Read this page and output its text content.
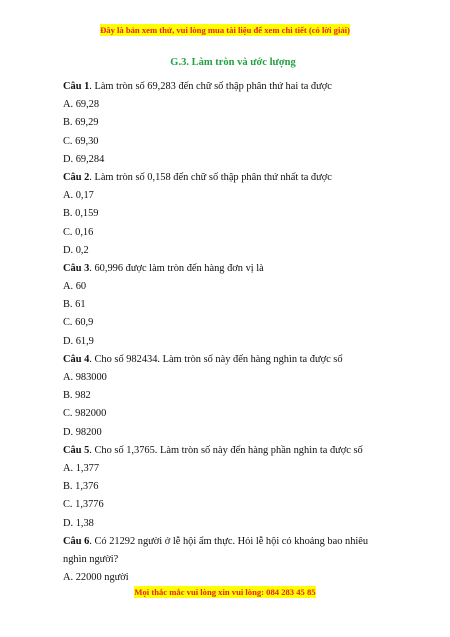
Đây là bản xem thử, vui lòng mua tài liệu để xem chi tiết (có lời giải)
G.3. Làm tròn và ước lượng
Câu 1. Làm tròn số 69,283 đến chữ số thập phân thứ hai ta được
A. 69,28
B. 69,29
C. 69,30
D. 69,284
Câu 2. Làm tròn số 0,158 đến chữ số thập phân thứ nhất ta được
A. 0,17
B. 0,159
C. 0,16
D. 0,2
Câu 3. 60,996 được làm tròn đến hàng đơn vị là
A. 60
B. 61
C. 60,9
D. 61,9
Câu 4. Cho số 982434. Làm tròn số này đến hàng nghìn ta được số
A. 983000
B. 982
C. 982000
D. 98200
Câu 5. Cho số 1,3765. Làm tròn số này đến hàng phần nghìn ta được số
A. 1,377
B. 1,376
C. 1,3776
D. 1,38
Câu 6. Có 21292 người ở lễ hội ẩm thực. Hỏi lễ hội có khoảng bao nhiêu
nghìn người?
A. 22000 người
Mọi thắc mắc vui lòng xin vui lòng: 084 283 45 85
